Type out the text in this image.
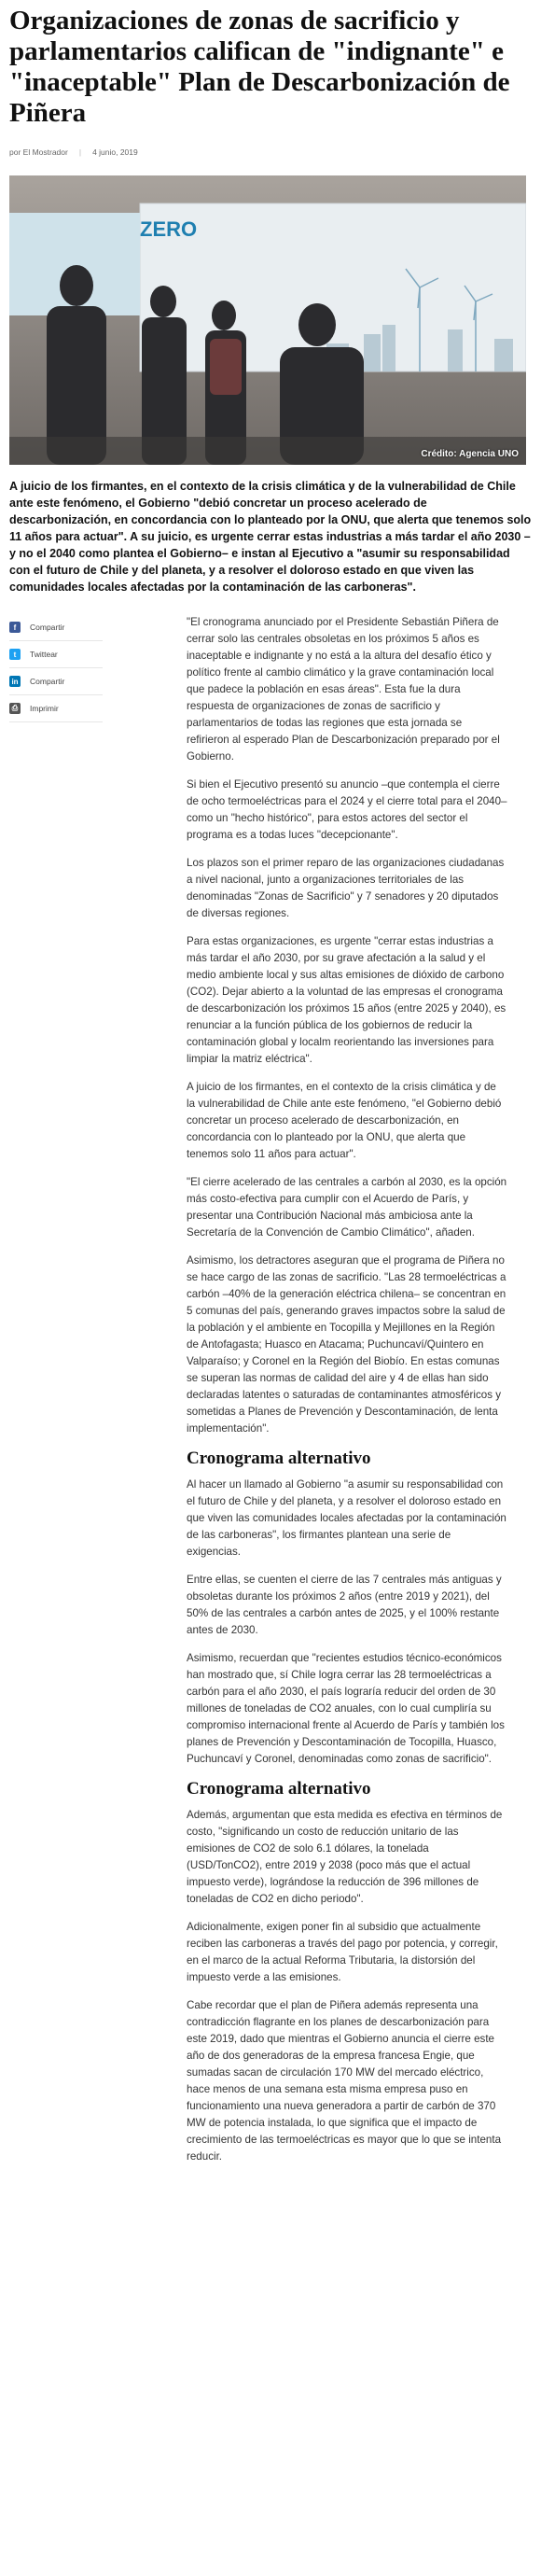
Organizaciones de zonas de sacrificio y parlamentarios califican de "indignante" e "inaceptable" Plan de Descarbonización de Piñera
por El Mostrador | 4 junio, 2019
ZERO
Crédito: Agencia UNO

A juicio de los firmantes, en el contexto de la crisis climática y de la vulnerabilidad de Chile ante este fenómeno, el Gobierno "debió concretar un proceso acelerado de descarbonización, en concordancia con lo planteado por la ONU, que alerta que tenemos solo 11 años para actuar". A su juicio, es urgente cerrar estas industrias a más tardar el año 2030 –y no el 2040 como plantea el Gobierno– e instan al Ejecutivo a "asumir su responsabilidad con el futuro de Chile y del planeta, y a resolver el doloroso estado en que viven las comunidades locales afectadas por la contaminación de las carboneras".

f	Compartir
t	Twittear
in Compartir
⎙	Imprimir

"El cronograma anunciado por el Presidente Sebastián Piñera de cerrar solo las centrales obsoletas en los próximos 5 años es inaceptable e indignante y no está a la altura del desafío ético y político frente al cambio climático y la grave contaminación local que padece la población en esas áreas". Esta fue la dura respuesta de organizaciones de zonas de sacrificio y parlamentarios de todas las regiones que esta jornada se refirieron al esperado Plan de Descarbonización preparado por el Gobierno.

Si bien el Ejecutivo presentó su anuncio –que contempla el cierre de ocho termoeléctricas para el 2024 y el cierre total para el 2040– como un "hecho histórico", para estos actores del sector el programa es a todas luces "decepcionante".

Los plazos son el primer reparo de las organizaciones ciudadanas a nivel nacional, junto a organizaciones territoriales de las denominadas "Zonas de Sacrificio" y 7 senadores y 20 diputados de diversas regiones.

Para estas organizaciones, es urgente "cerrar estas industrias a más tardar el año 2030, por su grave afectación a la salud y el medio ambiente local y sus altas emisiones de dióxido de carbono (CO2). Dejar abierto a la voluntad de las empresas el cronograma de descarbonización los próximos 15 años (entre 2025 y 2040), es renunciar a la función pública de los gobiernos de reducir la contaminación global y localm reorientando las inversiones para limpiar la matriz eléctrica".

A juicio de los firmantes, en el contexto de la crisis climática y de la vulnerabilidad de Chile ante este fenómeno, "el Gobierno debió concretar un proceso acelerado de descarbonización, en concordancia con lo planteado por la ONU, que alerta que tenemos solo 11 años para actuar".

"El cierre acelerado de las centrales a carbón al 2030, es la opción más costo-efectiva para cumplir con el Acuerdo de París, y presentar una Contribución Nacional más ambiciosa ante la Secretaría de la Convención de Cambio Climático", añaden.

Asimismo, los detractores aseguran que el programa de Piñera no se hace cargo de las zonas de sacrificio. "Las 28 termoeléctricas a carbón –40% de la generación eléctrica chilena– se concentran en 5 comunas del país, generando graves impactos sobre la salud de la población y el ambiente en Tocopilla y Mejillones en la Región de Antofagasta; Huasco en Atacama; Puchuncaví/Quintero en Valparaíso; y Coronel en la Región del Biobío. En estas comunas se superan las normas de calidad del aire y 4 de ellas han sido declaradas latentes o saturadas de contaminantes atmosféricos y sometidas a Planes de Prevención y Descontaminación, de lenta implementación".

Cronograma alternativo

Al hacer un llamado al Gobierno "a asumir su responsabilidad con el futuro de Chile y del planeta, y a resolver el doloroso estado en que viven las comunidades locales afectadas por la contaminación de las carboneras", los firmantes plantean una serie de exigencias.

Entre ellas, se cuenten el cierre de las 7 centrales más antiguas y obsoletas durante los próximos 2 años (entre 2019 y 2021), del 50% de las centrales a carbón antes de 2025, y el 100% restante antes de 2030.

Asimismo, recuerdan que "recientes estudios técnico-económicos han mostrado que, sí Chile logra cerrar las 28 termoeléctricas a carbón para el año 2030, el país lograría reducir del orden de 30 millones de toneladas de CO2 anuales, con lo cual cumpliría su compromiso internacional frente al Acuerdo de París y también los planes de Prevención y Descontaminación de Tocopilla, Huasco, Puchuncaví y Coronel, denominadas como zonas de sacrificio".

Cronograma alternativo

Además, argumentan que esta medida es efectiva en términos de costo, "significando un costo de reducción unitario de las emisiones de CO2 de solo 6.1 dólares, la tonelada (USD/TonCO2), entre 2019 y 2038 (poco más que el actual impuesto verde), lográndose la reducción de 396 millones de toneladas de CO2 en dicho periodo".

Adicionalmente, exigen poner fin al subsidio que actualmente reciben las carboneras a través del pago por potencia, y corregir, en el marco de la actual Reforma Tributaria, la distorsión del impuesto verde a las emisiones.

Cabe recordar que el plan de Piñera además representa una contradicción flagrante en los planes de descarbonización para este 2019, dado que mientras el Gobierno anuncia el cierre este año de dos generadoras de la empresa francesa Engie, que sumadas sacan de circulación 170 MW del mercado eléctrico, hace menos de una semana esta misma empresa puso en funcionamiento una nueva generadora a partir de carbón de 370 MW de potencia instalada, lo que significa que el impacto de crecimiento de las termoeléctricas es mayor que lo que se intenta reducir.
